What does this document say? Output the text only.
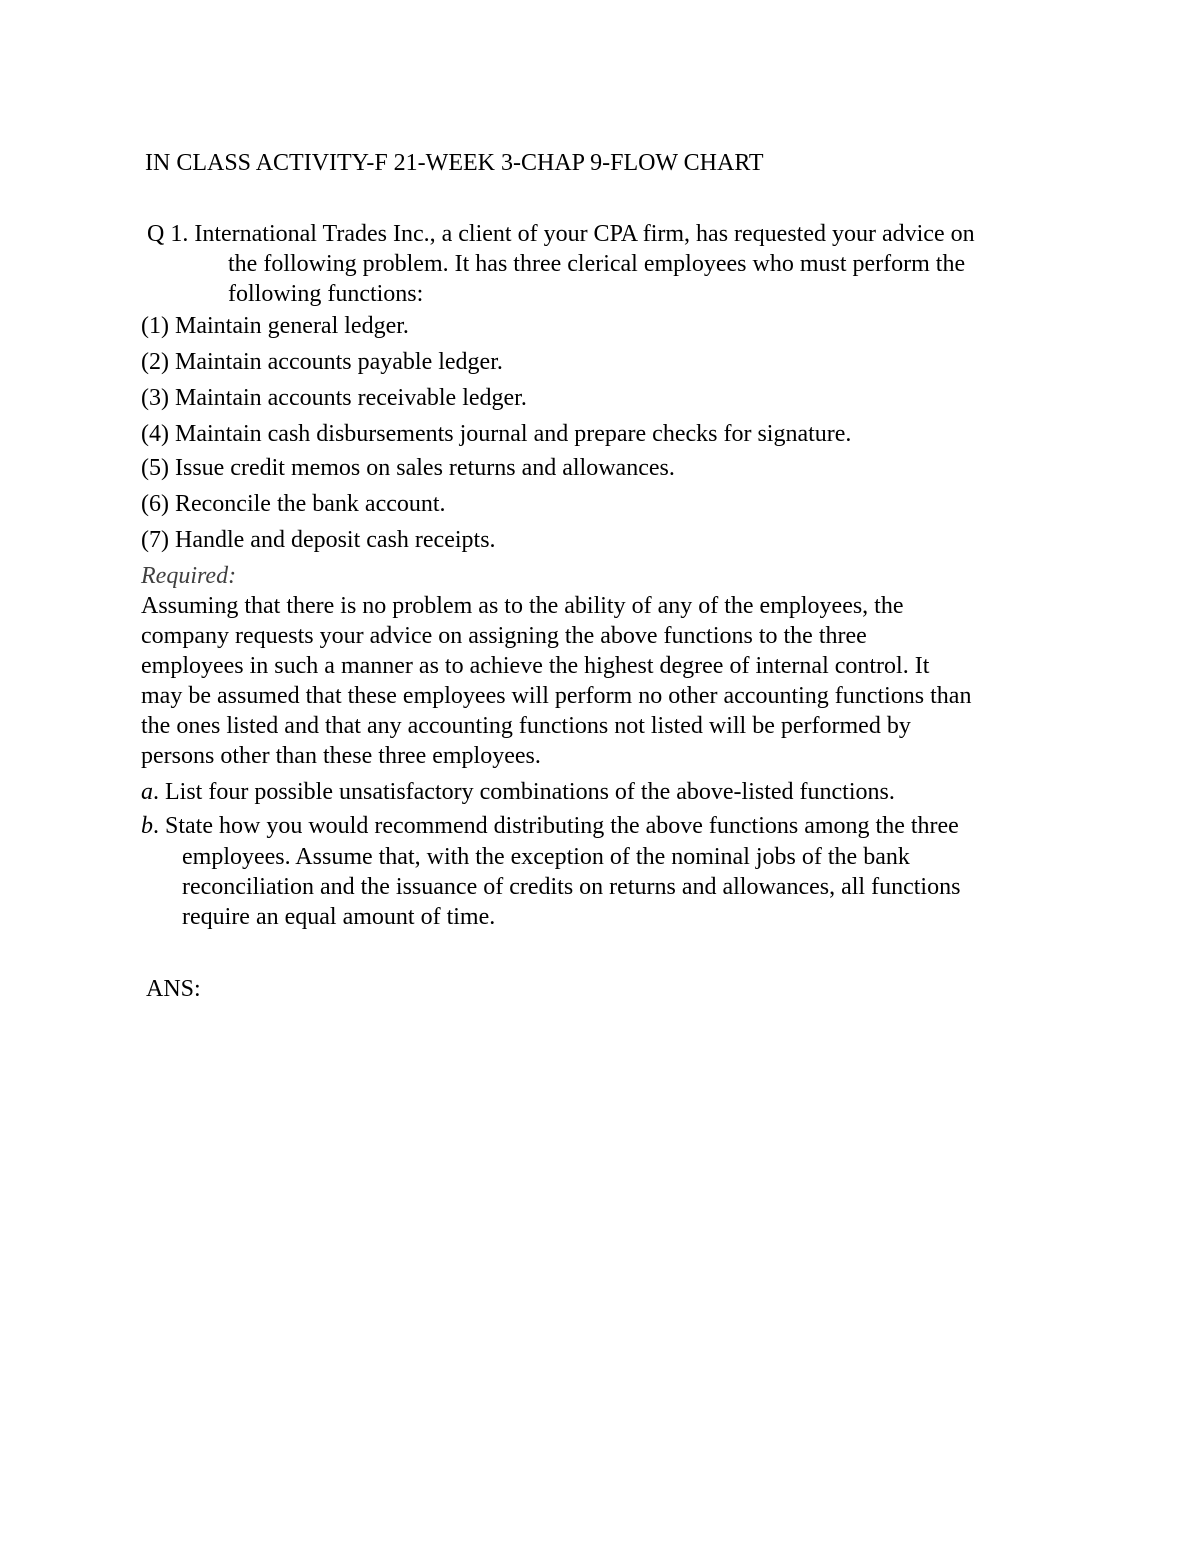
IN CLASS ACTIVITY-F 21-WEEK 3-CHAP 9-FLOW CHART
Q 1. International Trades Inc., a client of your CPA firm, has requested your advice on
the following problem. It has three clerical employees who must perform the
following functions:
(1) Maintain general ledger.
(2) Maintain accounts payable ledger.
(3) Maintain accounts receivable ledger.
(4) Maintain cash disbursements journal and prepare checks for signature.
(5) Issue credit memos on sales returns and allowances.
(6) Reconcile the bank account.
(7) Handle and deposit cash receipts.
Required:
Assuming that there is no problem as to the ability of any of the employees, the
company requests your advice on assigning the above functions to the three
employees in such a manner as to achieve the highest degree of internal control. It
may be assumed that these employees will perform no other accounting functions than
the ones listed and that any accounting functions not listed will be performed by
persons other than these three employees.
a. List four possible unsatisfactory combinations of the above-listed functions.
b. State how you would recommend distributing the above functions among the three
employees. Assume that, with the exception of the nominal jobs of the bank
reconciliation and the issuance of credits on returns and allowances, all functions
require an equal amount of time.
ANS:
